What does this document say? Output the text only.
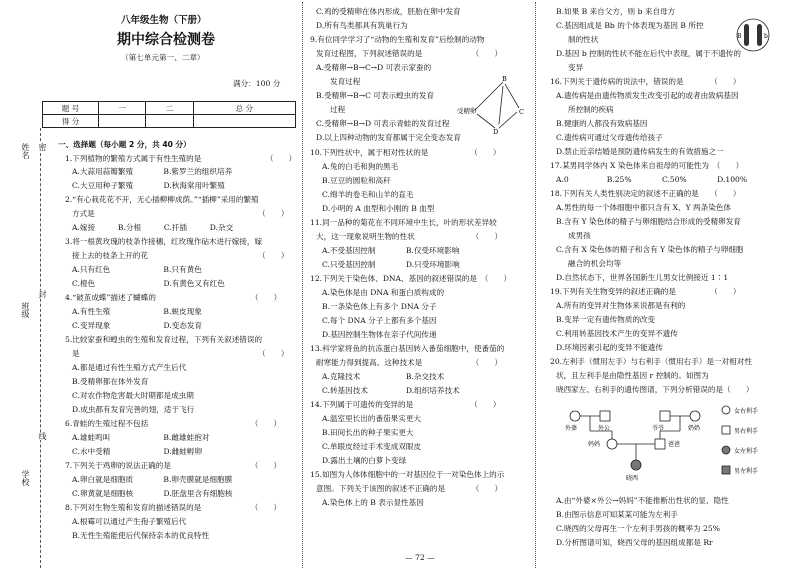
八年级生物（下册）
期中综合检测卷
（第七单元第一、二章）
满分：100 分
题 号	一	二	总 分
得 分			
姓名
班级
学校
密
封
线
一、选择题（每小题 2 分，共 40 分）
1.下列植物的繁殖方式属于有性生殖的是　　　　　　　　　（　　）
A.大蒜用蒜瓣繁殖　　　　B.紫罗兰的组织培养
C.大豆用种子繁殖　　　　D.秋海棠用叶繁殖
2.“有心栽花花不开，无心插柳柳成荫。”“插柳”采用的繁殖
方式是　　　　　　　　　　　　　　　　　　　　　　（　　）
A.嫁接　　　B.分根　　　C.扦插　　　D.杂交
3.将一根黄玫瑰的枝条作接穗，红玫瑰作砧木进行嫁接，嫁
接上去的枝条上开的花　　　　　　　　　　　　　　　（　　）
A.只有红色　　　　　　　B.只有黄色
C.橙色　　　　　　　　　D.有黄色又有红色
4.“破茧成蝶”描述了蝴蝶的　　　　　　　　　　　　　（　　）
A.有性生殖　　　　　　　B.蜕皮现象
C.变异现象　　　　　　　D.变态发育
5.比较家蚕和蝗虫的生殖和发育过程，下列有关叙述错误的
是　　　　　　　　　　　　　　　　　　　　　　　　（　　）
A.都是通过有性生殖方式产生后代
B.受精卵都在体外发育
C.对农作物危害最大时期都是成虫期
D.成虫都有发育完善的翅，适于飞行
6.青蛙的生殖过程不包括　　　　　　　　　　　　　　（　　）
A.雄蛙鸣叫　　　　　　　B.雌雄蛙抱对
C.水中受精　　　　　　　D.雌蛙孵卵
7.下列关于鸡卵的说法正确的是　　　　　　　　　　　（　　）
A.卵白就是细胞质　　　　B.卵壳膜就是细胞膜
C.卵黄就是细胞核　　　　D.胚盘里含有细胞核
8.下列对生物生殖和发育的描述错误的是　　　　　　　（　　）
A.根霉可以通过产生孢子繁殖后代
B.无性生殖能使后代保持亲本的优良特性
C.鸡的受精卵在体内形成，胚胎在卵中发育
D.所有鸟类都具有筑巢行为
9.有位同学学习了“动物的生殖和发育”后绘制的动物
发育过程图，下列叙述错误的是　　　　　　　（　　）
A.受精卵→B→C→D 可表示家蚕的
发育过程
B.受精卵→B→C 可表示蝗虫的发育
过程
C.受精卵→B→D 可表示青蛙的发育过程
D.以上四种动物的发育都属于完全变态发育
受精卵
B
C
D
10.下列性状中，属于相对性状的是　　　　　　（　　）
A.兔的白毛和狗的黑毛
B.豆豆的圆粒和高秆
C.绵羊的卷毛和山羊的直毛
D.小明的 A 血型和小刚的 B 血型
11.同一品种的菊花在不同环境中生长，叶的形状差异较
大，这一现象说明生物的性状　　　　　　　　（　　）
A.不受基因控制　　　　B.仅受环境影响
C.只受基因控制　　　　D.只受环境影响
12.下列关于染色体、DNA、基因的叙述错误的是　（　　）
A.染色体是由 DNA 和蛋白质构成的
B.一条染色体上有多个 DNA 分子
C.每个 DNA 分子上都有多个基因
D.基因控制生物体在亲子代间传递
13.科学家将鱼的抗冻蛋白基因转入番茄细胞中，使番茄的
耐寒能力得到提高。这种技术是　　　　　　　（　　）
A.克隆技术　　　　　　B.杂交技术
C.转基因技术　　　　　D.组织培养技术
14.下列属于可遗传的变异的是　　　　　　　　（　　）
A.温室里长出的番茄果实更大
B.田间长出的种子果实更大
C.单眼皮经过手术变成双眼皮
D.露出土壤的白萝卜变绿
15.如图为人体体细胞中的一对基因位于一对染色体上的示
意图。下列关于该图的叙述不正确的是　　　　（　　）
A.染色体上的 B 表示显性基因
— 72 —
B.如果 B 来自父方，则 b 来自母方
C.基因组成是 Bb 的个体表现为基因 B 所控
制的性状
D.基因 b 控制的性状不能在后代中表现，属于不遗传的
变异
B	b
16.下列关于遗传病的说法中，错误的是　　　　（　　）
A.遗传病是由遗传物质发生改变引起的或者由致病基因
所控制的疾病
B.健康的人都没有致病基因
C.遗传病可通过父母遗传给孩子
D.禁止近亲结婚是预防遗传病发生的有效措施之一
17.某男同学体内 X 染色体来自祖母的可能性为　（　　）
A.0　　　　　B.25%　　　　C.50%　　　　D.100%
18.下列有关人类性别决定的叙述不正确的是　　（　　）
A.男性的每一个体细胞中都只含有 X、Y 两条染色体
B.含有 Y 染色体的精子与卵细胞结合形成的受精卵发育
成男孩
C.含有 X 染色体的精子和含有 Y 染色体的精子与卵细胞
融合的机会均等
D.自然状态下，世界各国新生儿男女比例接近 1∶1
19.下列有关生物变异的叙述正确的是　　　　　（　　）
A.所有的变异对生物体来说都是有利的
B.变异一定有遗传物质的改变
C.利用转基因技术产生的变异不遗传
D.环境因素引起的变异不能遗传
20.左利手（惯用左手）与右利手（惯用右手）是一对相对性
状，且左利手是由隐性基因 r 控制的。如图为
晓西家左、右利手的遗传图谱，下列分析错误的是（　　）
外婆	外公	爷爷	奶奶
妈妈	爸爸
晓西
女右利手
男右利手
女左利手
男左利手
A.由“外婆×外公→妈妈”不能推断出性状的显、隐性
B.由图示信息可知某某可能为左利手
C.晓西的父母再生一个左利手男孩的概率为 25%
D.分析图谱可知，晓西父母的基因组成都是 Rr
